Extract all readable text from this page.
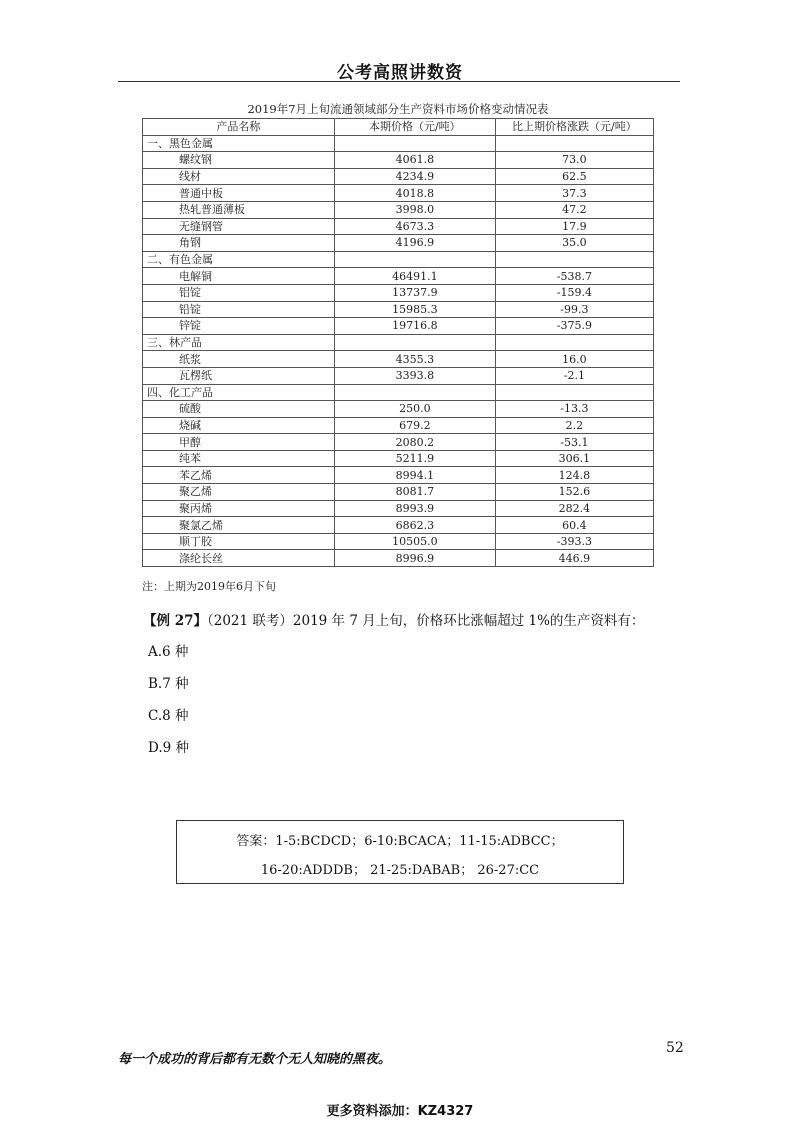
公考高照讲数资
2019年7月上旬流通领域部分生产资料市场价格变动情况表
产品名称	本期价格（元/吨）	比上期价格涨跌（元/吨）
一、黑色金属		
螺纹钢	4061.8	73.0
线材	4234.9	62.5
普通中板	4018.8	37.3
热轧普通薄板	3998.0	47.2
无缝钢管	4673.3	17.9
角钢	4196.9	35.0
二、有色金属		
电解铜	46491.1	-538.7
铝锭	13737.9	-159.4
铅锭	15985.3	-99.3
锌锭	19716.8	-375.9
三、林产品		
纸浆	4355.3	16.0
瓦楞纸	3393.8	-2.1
四、化工产品		
硫酸	250.0	-13.3
烧碱	679.2	2.2
甲醇	2080.2	-53.1
纯苯	5211.9	306.1
苯乙烯	8994.1	124.8
聚乙烯	8081.7	152.6
聚丙烯	8993.9	282.4
聚氯乙烯	6862.3	60.4
顺丁胶	10505.0	-393.3
涤纶长丝	8996.9	446.9
注：上期为2019年6月下旬
【例 27】（2021 联考）2019 年 7 月上旬，价格环比涨幅超过 1%的生产资料有：
A.6 种
B.7 种
C.8 种
D.9 种
答案：1-5:BCDCD；6-10:BCACA；11-15:ADBCC；
16-20:ADDDB； 21-25:DABAB； 26-27:CC
每一个成功的背后都有无数个无人知晓的黑夜。
52
更多资料添加：KZ4327
